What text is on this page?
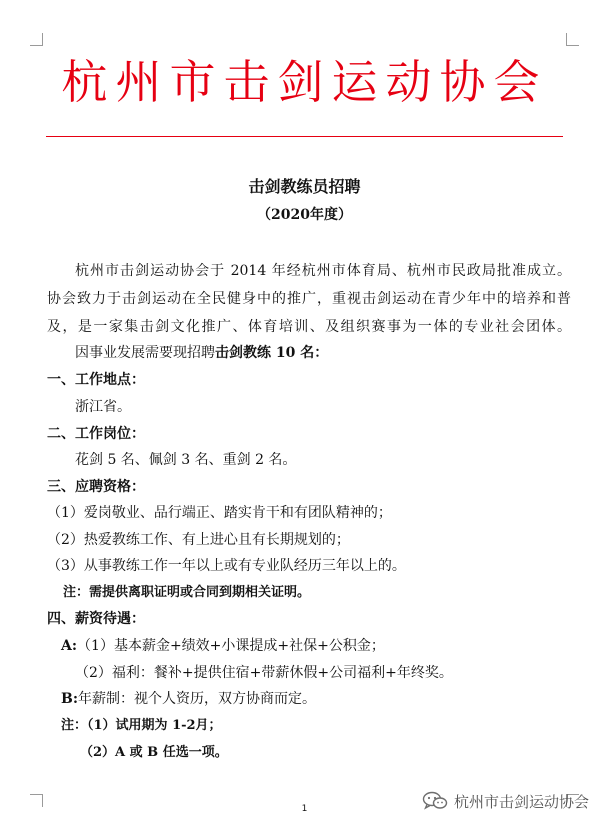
杭州市击剑运动协会
击剑教练员招聘
（2020年度）
杭州市击剑运动协会于 2014 年经杭州市体育局、杭州市民政局批准成立。
协会致力于击剑运动在全民健身中的推广，重视击剑运动在青少年中的培养和普
及，是一家集击剑文化推广、体育培训、及组织赛事为一体的专业社会团体。
因事业发展需要现招聘击剑教练 10 名：
一、工作地点：
浙江省。
二、工作岗位：
花剑 5 名、佩剑 3 名、重剑 2 名。
三、应聘资格：
（1）爱岗敬业、品行端正、踏实肯干和有团队精神的；
（2）热爱教练工作、有上进心且有长期规划的；
（3）从事教练工作一年以上或有专业队经历三年以上的。
注：需提供离职证明或合同到期相关证明。
四、薪资待遇：
A:（1）基本薪金+绩效+小课提成+社保+公积金；
（2）福利：餐补+提供住宿+带薪休假+公司福利+年终奖。
B:年薪制：视个人资历，双方协商而定。
注：（1）试用期为 1-2月；
（2）A 或 B 任选一项。
1	杭州市击剑运动协会
